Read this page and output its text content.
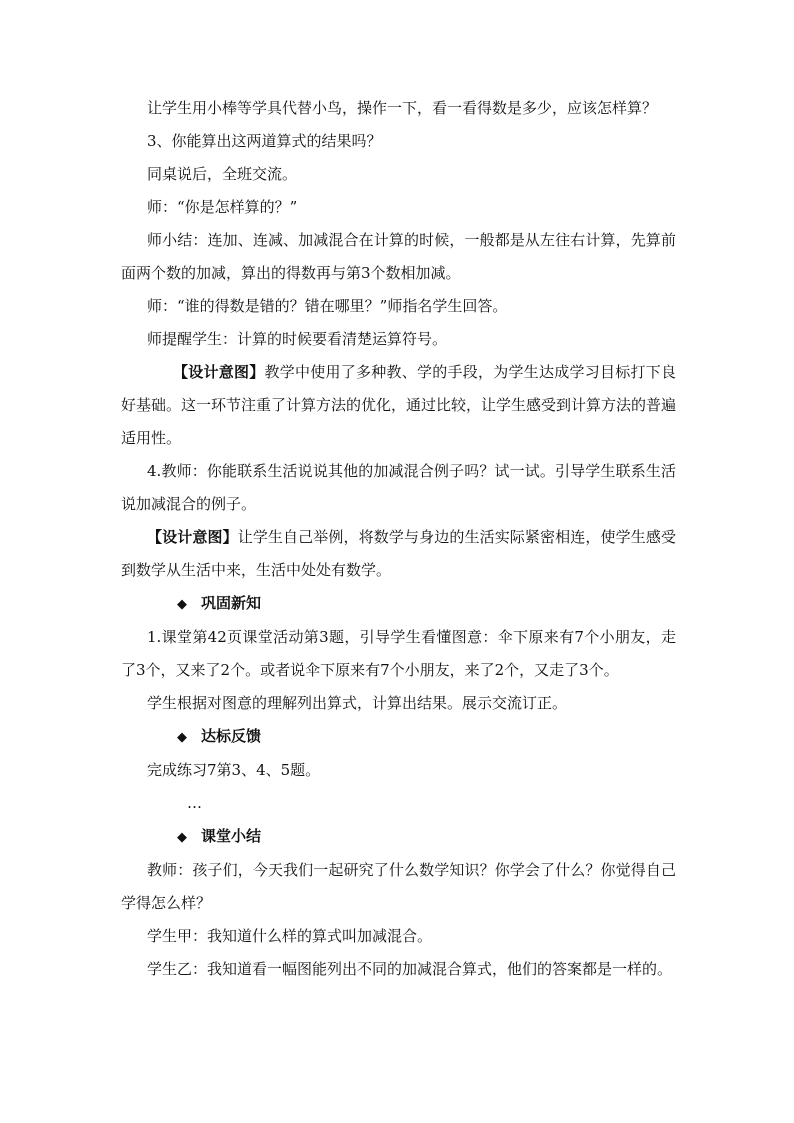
让学生用小棒等学具代替小鸟，操作一下，看一看得数是多少，应该怎样算？

3、你能算出这两道算式的结果吗？

同桌说后，全班交流。

师：“你是怎样算的？”

师小结：连加、连减、加减混合在计算的时候，一般都是从左往右计算，先算前面两个数的加减，算出的得数再与第3个数相加减。

师：“谁的得数是错的？错在哪里？”师指名学生回答。

师提醒学生：计算的时候要看清楚运算符号。

【设计意图】教学中使用了多种教、学的手段，为学生达成学习目标打下良好基础。这一环节注重了计算方法的优化，通过比较，让学生感受到计算方法的普遍适用性。

4.教师：你能联系生活说说其他的加减混合例子吗？试一试。引导学生联系生活说加减混合的例子。

【设计意图】让学生自己举例，将数学与身边的生活实际紧密相连，使学生感受到数学从生活中来，生活中处处有数学。

◆ 巩固新知

1.课堂第42页课堂活动第3题，引导学生看懂图意：伞下原来有7个小朋友，走了3个，又来了2个。或者说伞下原来有7个小朋友，来了2个，又走了3个。

学生根据对图意的理解列出算式，计算出结果。展示交流订正。

◆ 达标反馈

完成练习7第3、4、5题。

…

◆ 课堂小结

教师：孩子们，今天我们一起研究了什么数学知识？你学会了什么？你觉得自己学得怎么样？

学生甲：我知道什么样的算式叫加减混合。

学生乙：我知道看一幅图能列出不同的加减混合算式，他们的答案都是一样的。
